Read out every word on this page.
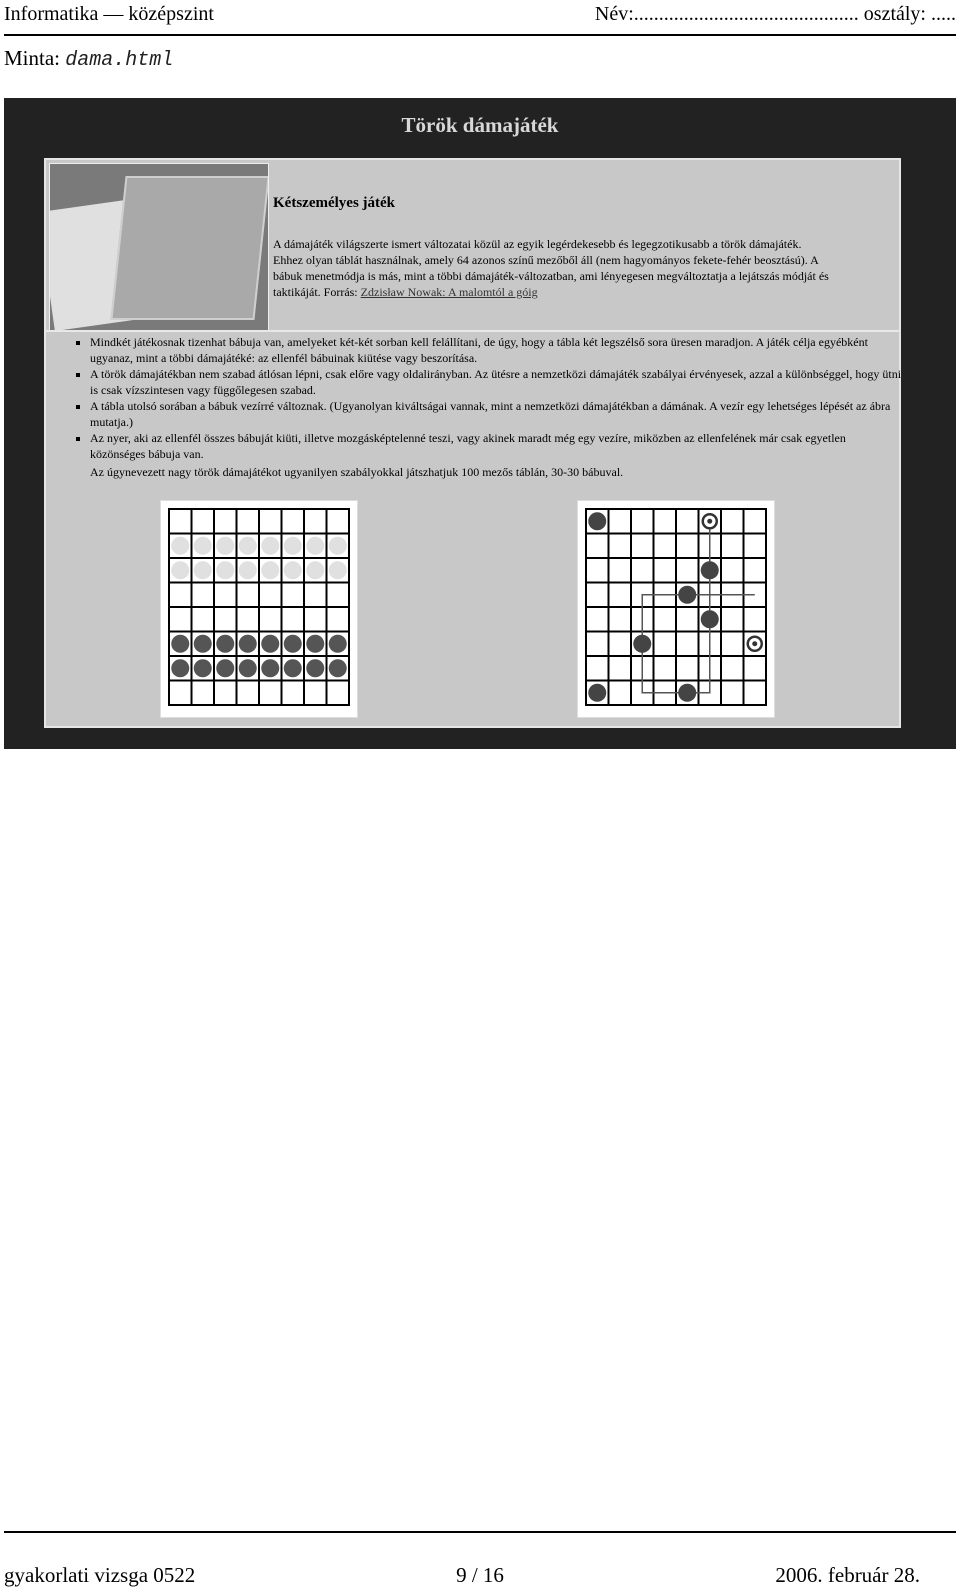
Informatika — középszint	Név:............................................. osztály: .....
Minta: dama.html
Török dámajáték
Kétszemélyes játék
A dámajáték világszerte ismert változatai közül az egyik legérdekesebb és legegzotikusabb a török dámajáték.
Ehhez olyan táblát használnak, amely 64 azonos színű mezőből áll (nem hagyományos fekete-fehér beosztású). A
bábuk menetmódja is más, mint a többi dámajáték-változatban, ami lényegesen megváltoztatja a lejátszás módját és
taktikáját. Forrás: Zdzisław Nowak: A malomtól a góig
▪ Mindkét játékosnak tizenhat bábuja van, amelyeket két-két sorban kell felállítani, de úgy, hogy a tábla két legszélső sora üresen maradjon. A játék célja egyébként ugyanaz, mint a többi dámajátéké: az ellenfél bábuinak kiütése vagy beszorítása.
▪ A török dámajátékban nem szabad átlósan lépni, csak előre vagy oldalirányban. Az ütésre a nemzetközi dámajáték szabályai érvényesek, azzal a különbséggel, hogy ütni is csak vízszintesen vagy függőlegesen szabad.
▪ A tábla utolsó sorában a bábuk vezírré változnak. (Ugyanolyan kiváltságai vannak, mint a nemzetközi dámajátékban a dámának. A vezír egy lehetséges lépését az ábra mutatja.)
▪ Az nyer, aki az ellenfél összes bábuját kiüti, illetve mozgásképtelenné teszi, vagy akinek maradt még egy vezíre, miközben az ellenfelének már csak egyetlen közönséges bábuja van.
Az úgynevezett nagy török dámajátékot ugyanilyen szabályokkal játszhatjuk 100 mezős táblán, 30-30 bábuval.
gyakorlati vizsga 0522	9 / 16	2006. február 28.
